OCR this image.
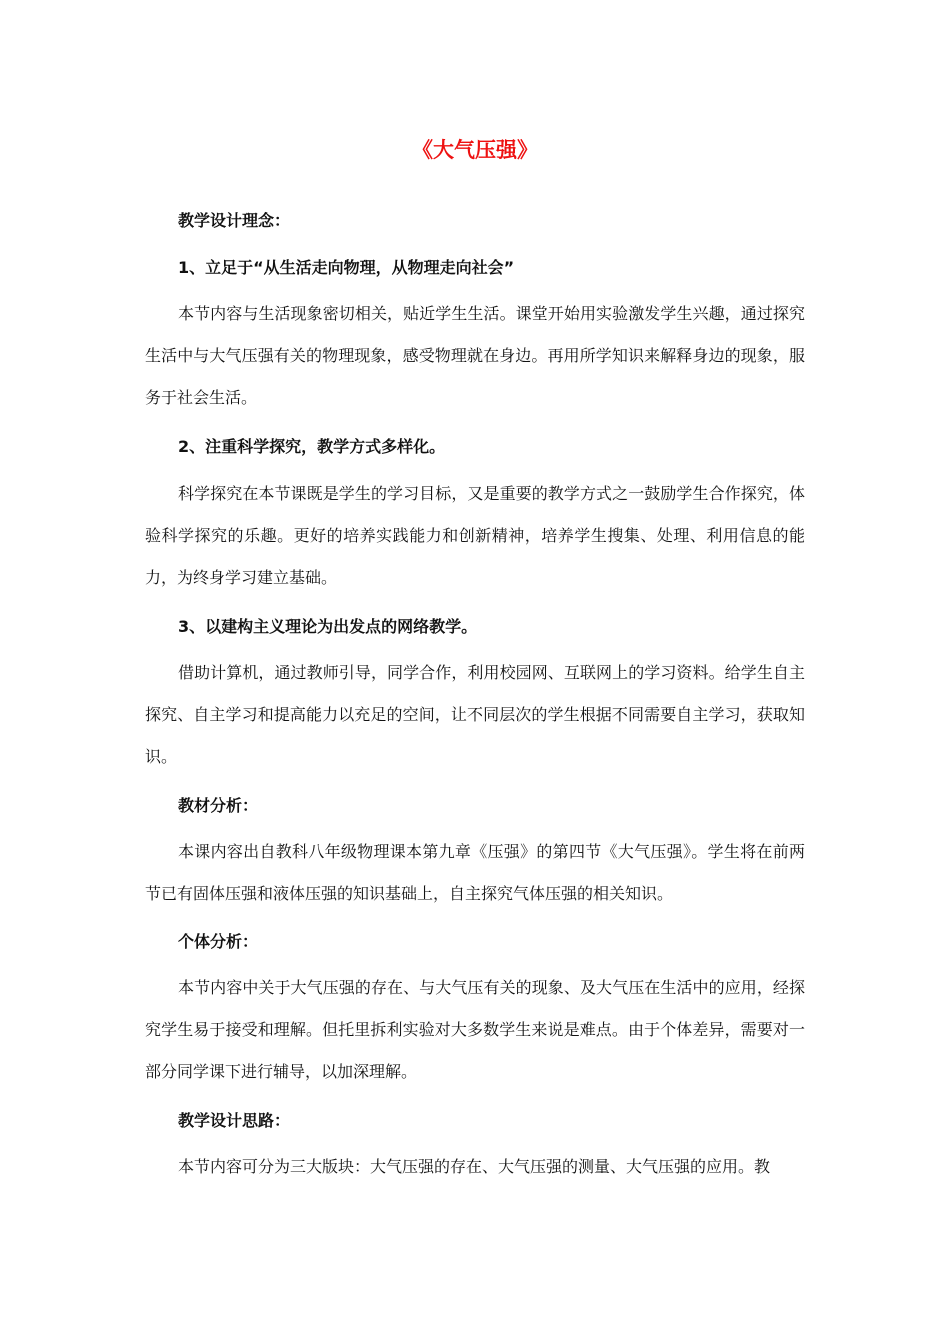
《大气压强》
教学设计理念：
1、立足于“从生活走向物理，从物理走向社会”

本节内容与生活现象密切相关，贴近学生生活。课堂开始用实验激发学生兴趣，通过探究生活中与大气压强有关的物理现象，感受物理就在身边。再用所学知识来解释身边的现象，服务于社会生活。

2、注重科学探究，教学方式多样化。

科学探究在本节课既是学生的学习目标，又是重要的教学方式之一鼓励学生合作探究，体验科学探究的乐趣。更好的培养实践能力和创新精神，培养学生搜集、处理、利用信息的能力，为终身学习建立基础。

3、以建构主义理论为出发点的网络教学。

借助计算机，通过教师引导，同学合作，利用校园网、互联网上的学习资料。给学生自主探究、自主学习和提高能力以充足的空间，让不同层次的学生根据不同需要自主学习，获取知识。

教材分析：

本课内容出自教科八年级物理课本第九章《压强》的第四节《大气压强》。学生将在前两节已有固体压强和液体压强的知识基础上，自主探究气体压强的相关知识。

个体分析：

本节内容中关于大气压强的存在、与大气压有关的现象、及大气压在生活中的应用，经探究学生易于接受和理解。但托里拆利实验对大多数学生来说是难点。由于个体差异，需要对一部分同学课下进行辅导，以加深理解。

教学设计思路：

本节内容可分为三大版块：大气压强的存在、大气压强的测量、大气压强的应用。教
